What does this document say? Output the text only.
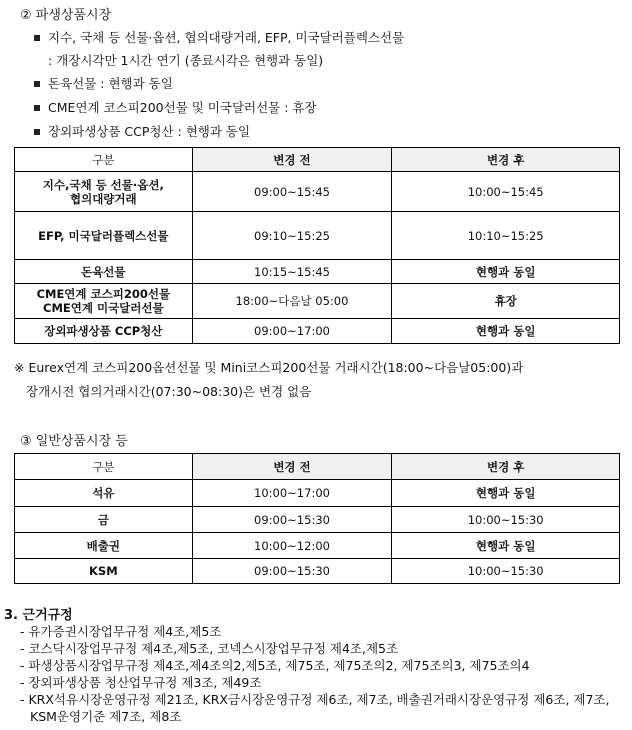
② 파생상품시장
지수, 국채 등 선물·옵션, 협의대량거래, EFP, 미국달러플렉스선물
: 개장시각만 1시간 연기 (종료시각은 현행과 동일)
돈육선물 : 현행과 동일
CME연계 코스피200선물 및 미국달러선물 : 휴장
장외파생상품 CCP청산 : 현행과 동일
구분	변경 전	변경 후
지수,국채 등 선물·옵션,
협의대량거래	09:00~15:45	10:00~15:45
EFP, 미국달러플렉스선물	09:10~15:25	10:10~15:25
돈육선물	10:15~15:45	현행과 동일
CME연계 코스피200선물
CME연계 미국달러선물	18:00~다음날 05:00	휴장
장외파생상품 CCP청산	09:00~17:00	현행과 동일
※ Eurex연계 코스피200옵션선물 및 Mini코스피200선물 거래시간(18:00~다음날05:00)과
장개시전 협의거래시간(07:30~08:30)은 변경 없음
③ 일반상품시장 등
구분	변경 전	변경 후
석유	10:00~17:00	현행과 동일
금	09:00~15:30	10:00~15:30
배출권	10:00~12:00	현행과 동일
KSM	09:00~15:30	10:00~15:30
3. 근거규정
- 유가증권시장업무규정 제4조,제5조
- 코스닥시장업무규정 제4조,제5조, 코넥스시장업무규정 제4조,제5조
- 파생상품시장업무규정 제4조,제4조의2,제5조, 제75조, 제75조의2, 제75조의3, 제75조의4
- 장외파생상품 청산업무규정 제3조, 제49조
- KRX석유시장운영규정 제21조, KRX금시장운영규정 제6조, 제7조, 배출권거래시장운영규정 제6조, 제7조,
KSM운영기준 제7조, 제8조
